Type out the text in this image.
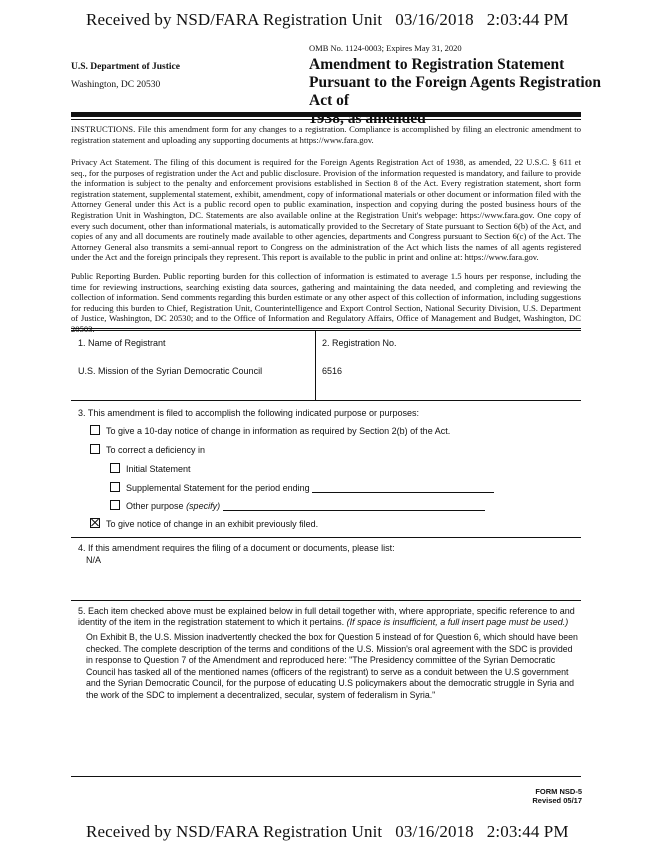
Received by NSD/FARA Registration Unit   03/16/2018   2:03:44 PM
OMB No. 1124-0003; Expires May 31, 2020
U.S. Department of Justice
Washington, DC 20530
Amendment to Registration Statement
Pursuant to the Foreign Agents Registration Act of
INSTRUCTIONS. File this amendment form for any changes to a registration. Compliance is accomplished by filing an electronic amendment to registration statement and uploading any supporting documents at https://www.fara.gov.
Privacy Act Statement. The filing of this document is required for the Foreign Agents Registration Act of 1938, as amended, 22 U.S.C. § 611 et seq., for the purposes of registration under the Act and public disclosure. Provision of the information requested is mandatory, and failure to provide the information is subject to the penalty and enforcement provisions established in Section 8 of the Act. Every registration statement, short form registration statement, supplemental statement, exhibit, amendment, copy of informational materials or other document or information filed with the Attorney General under this Act is a public record open to public examination, inspection and copying during the posted business hours of the Registration Unit in Washington, DC. Statements are also available online at the Registration Unit's webpage: https://www.fara.gov. One copy of every such document, other than informational materials, is automatically provided to the Secretary of State pursuant to Section 6(b) of the Act, and copies of any and all documents are routinely made available to other agencies, departments and Congress pursuant to Section 6(c) of the Act. The Attorney General also transmits a semi-annual report to Congress on the administration of the Act which lists the names of all agents registered under the Act and the foreign principals they represent. This report is available to the public in print and online at: https://www.fara.gov.
Public Reporting Burden. Public reporting burden for this collection of information is estimated to average 1.5 hours per response, including the time for reviewing instructions, searching existing data sources, gathering and maintaining the data needed, and completing and reviewing the collection of information. Send comments regarding this burden estimate or any other aspect of this collection of information, including suggestions for reducing this burden to Chief, Registration Unit, Counterintelligence and Export Control Section, National Security Division, U.S. Department of Justice, Washington, DC 20530; and to the Office of Information and Regulatory Affairs, Office of Management and Budget, Washington, DC
1. Name of Registrant
U.S. Mission of the Syrian Democratic Council
2. Registration No.
6516
3. This amendment is filed to accomplish the following indicated purpose or purposes:
To give a 10-day notice of change in information as required by Section 2(b) of the Act.
To correct a deficiency in
Initial Statement
Supplemental Statement for the period ending
Other purpose (specify)
To give notice of change in an exhibit previously filed.
4. If this amendment requires the filing of a document or documents, please list:
N/A
5. Each item checked above must be explained below in full detail together with, where appropriate, specific reference to and identity of the item in the registration statement to which it pertains. (If space is insufficient, a full insert page must be used.)
On Exhibit B, the U.S. Mission inadvertently checked the box for Question 5 instead of for Question 6, which should have been checked. The complete description of the terms and conditions of the U.S. Mission's oral agreement with the SDC is provided in response to Question 7 of the Amendment and reproduced here: "The Presidency committee of the Syrian Democratic Council has tasked all of the mentioned names (officers of the registrant) to serve as a conduit between the U.S government and the Syrian Democratic Council, for the purpose of educating U.S policymakers about the democratic struggle in Syria and the work of the SDC to implement a decentralized, secular, system of federalism in Syria."
FORM NSD-5
Revised 05/17
Received by NSD/FARA Registration Unit   03/16/2018   2:03:44 PM
